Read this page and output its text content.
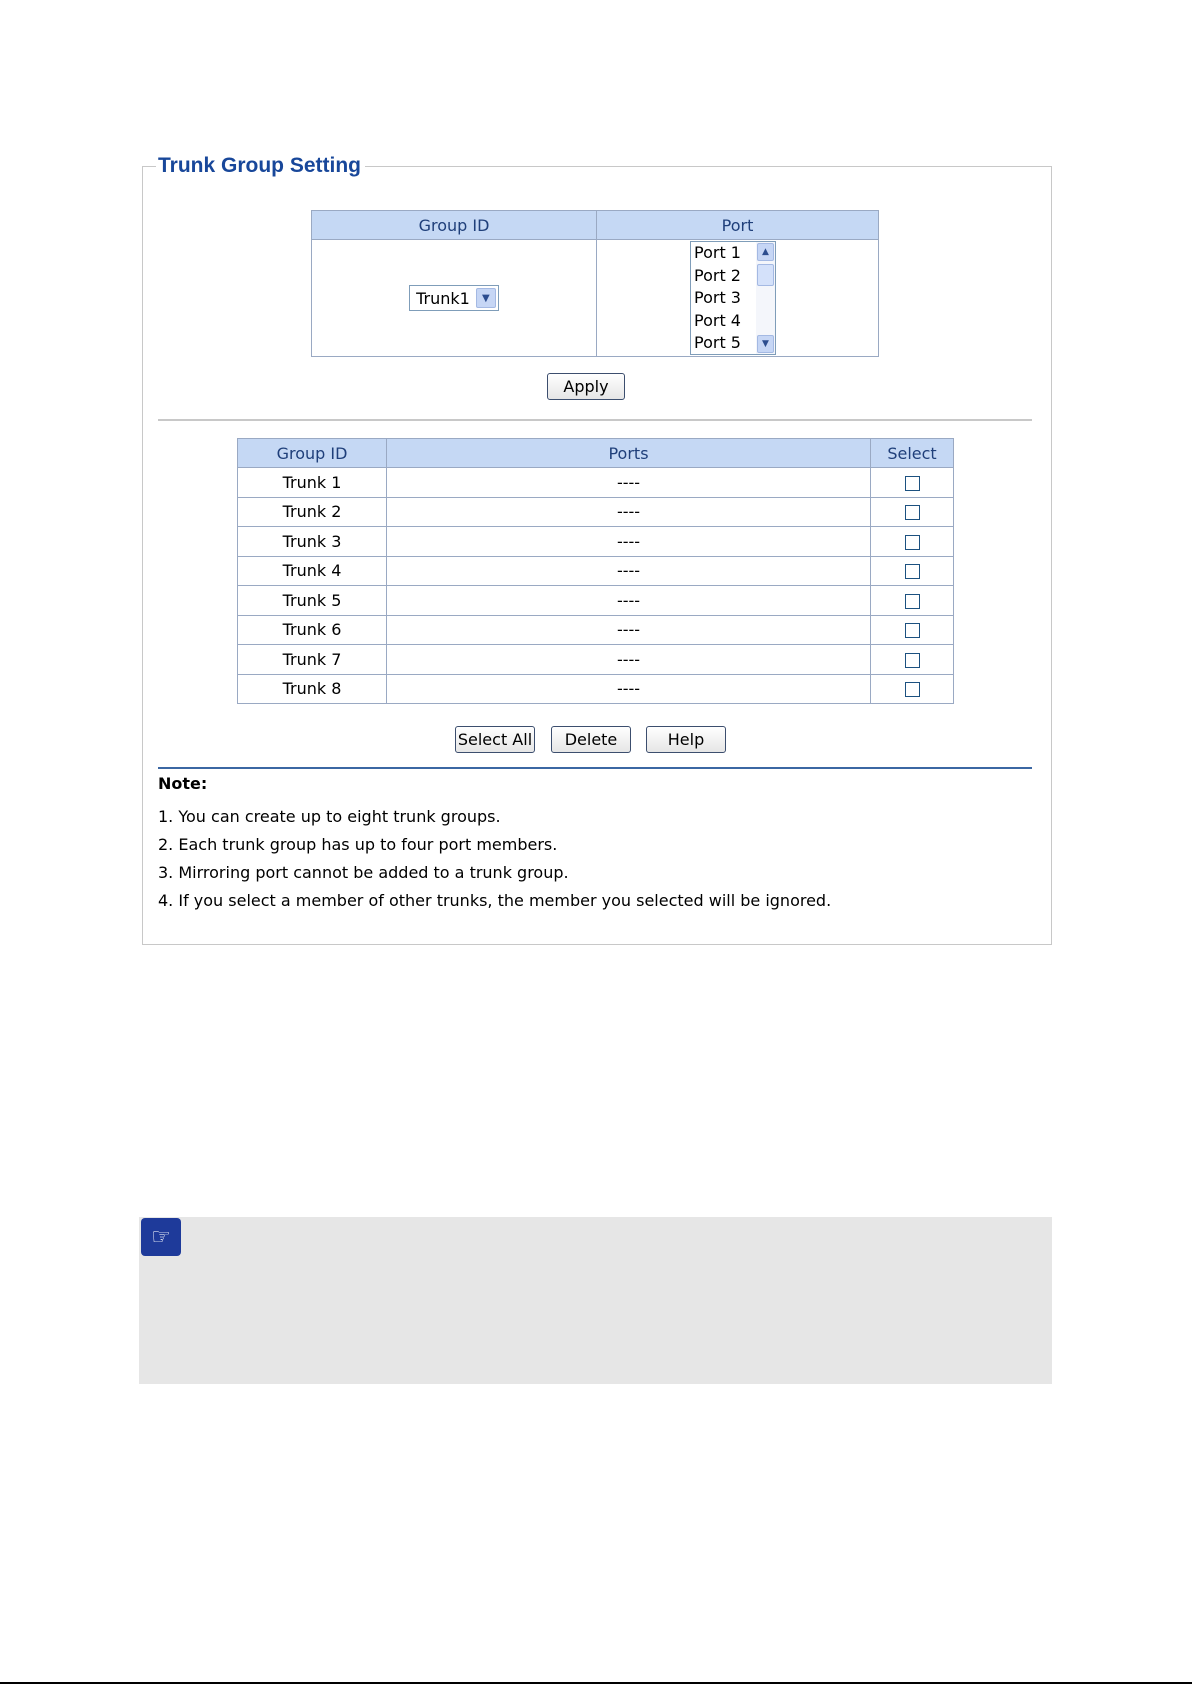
Trunk Group Setting
Group ID	Port

Trunk1 ▼	

Port 1
Port 2
Port 3
Port 4
Port 5
▲
▼
Apply
Group ID	Ports	Select
Trunk 1	----	
Trunk 2	----	
Trunk 3	----	
Trunk 4	----	
Trunk 5	----	
Trunk 6	----	
Trunk 7	----	
Trunk 8	----	
Select All	Delete	Help
Note:
1. You can create up to eight trunk groups.
2. Each trunk group has up to four port members.
3. Mirroring port cannot be added to a trunk group.
4. If you select a member of other trunks, the member you selected will be ignored.
☞
